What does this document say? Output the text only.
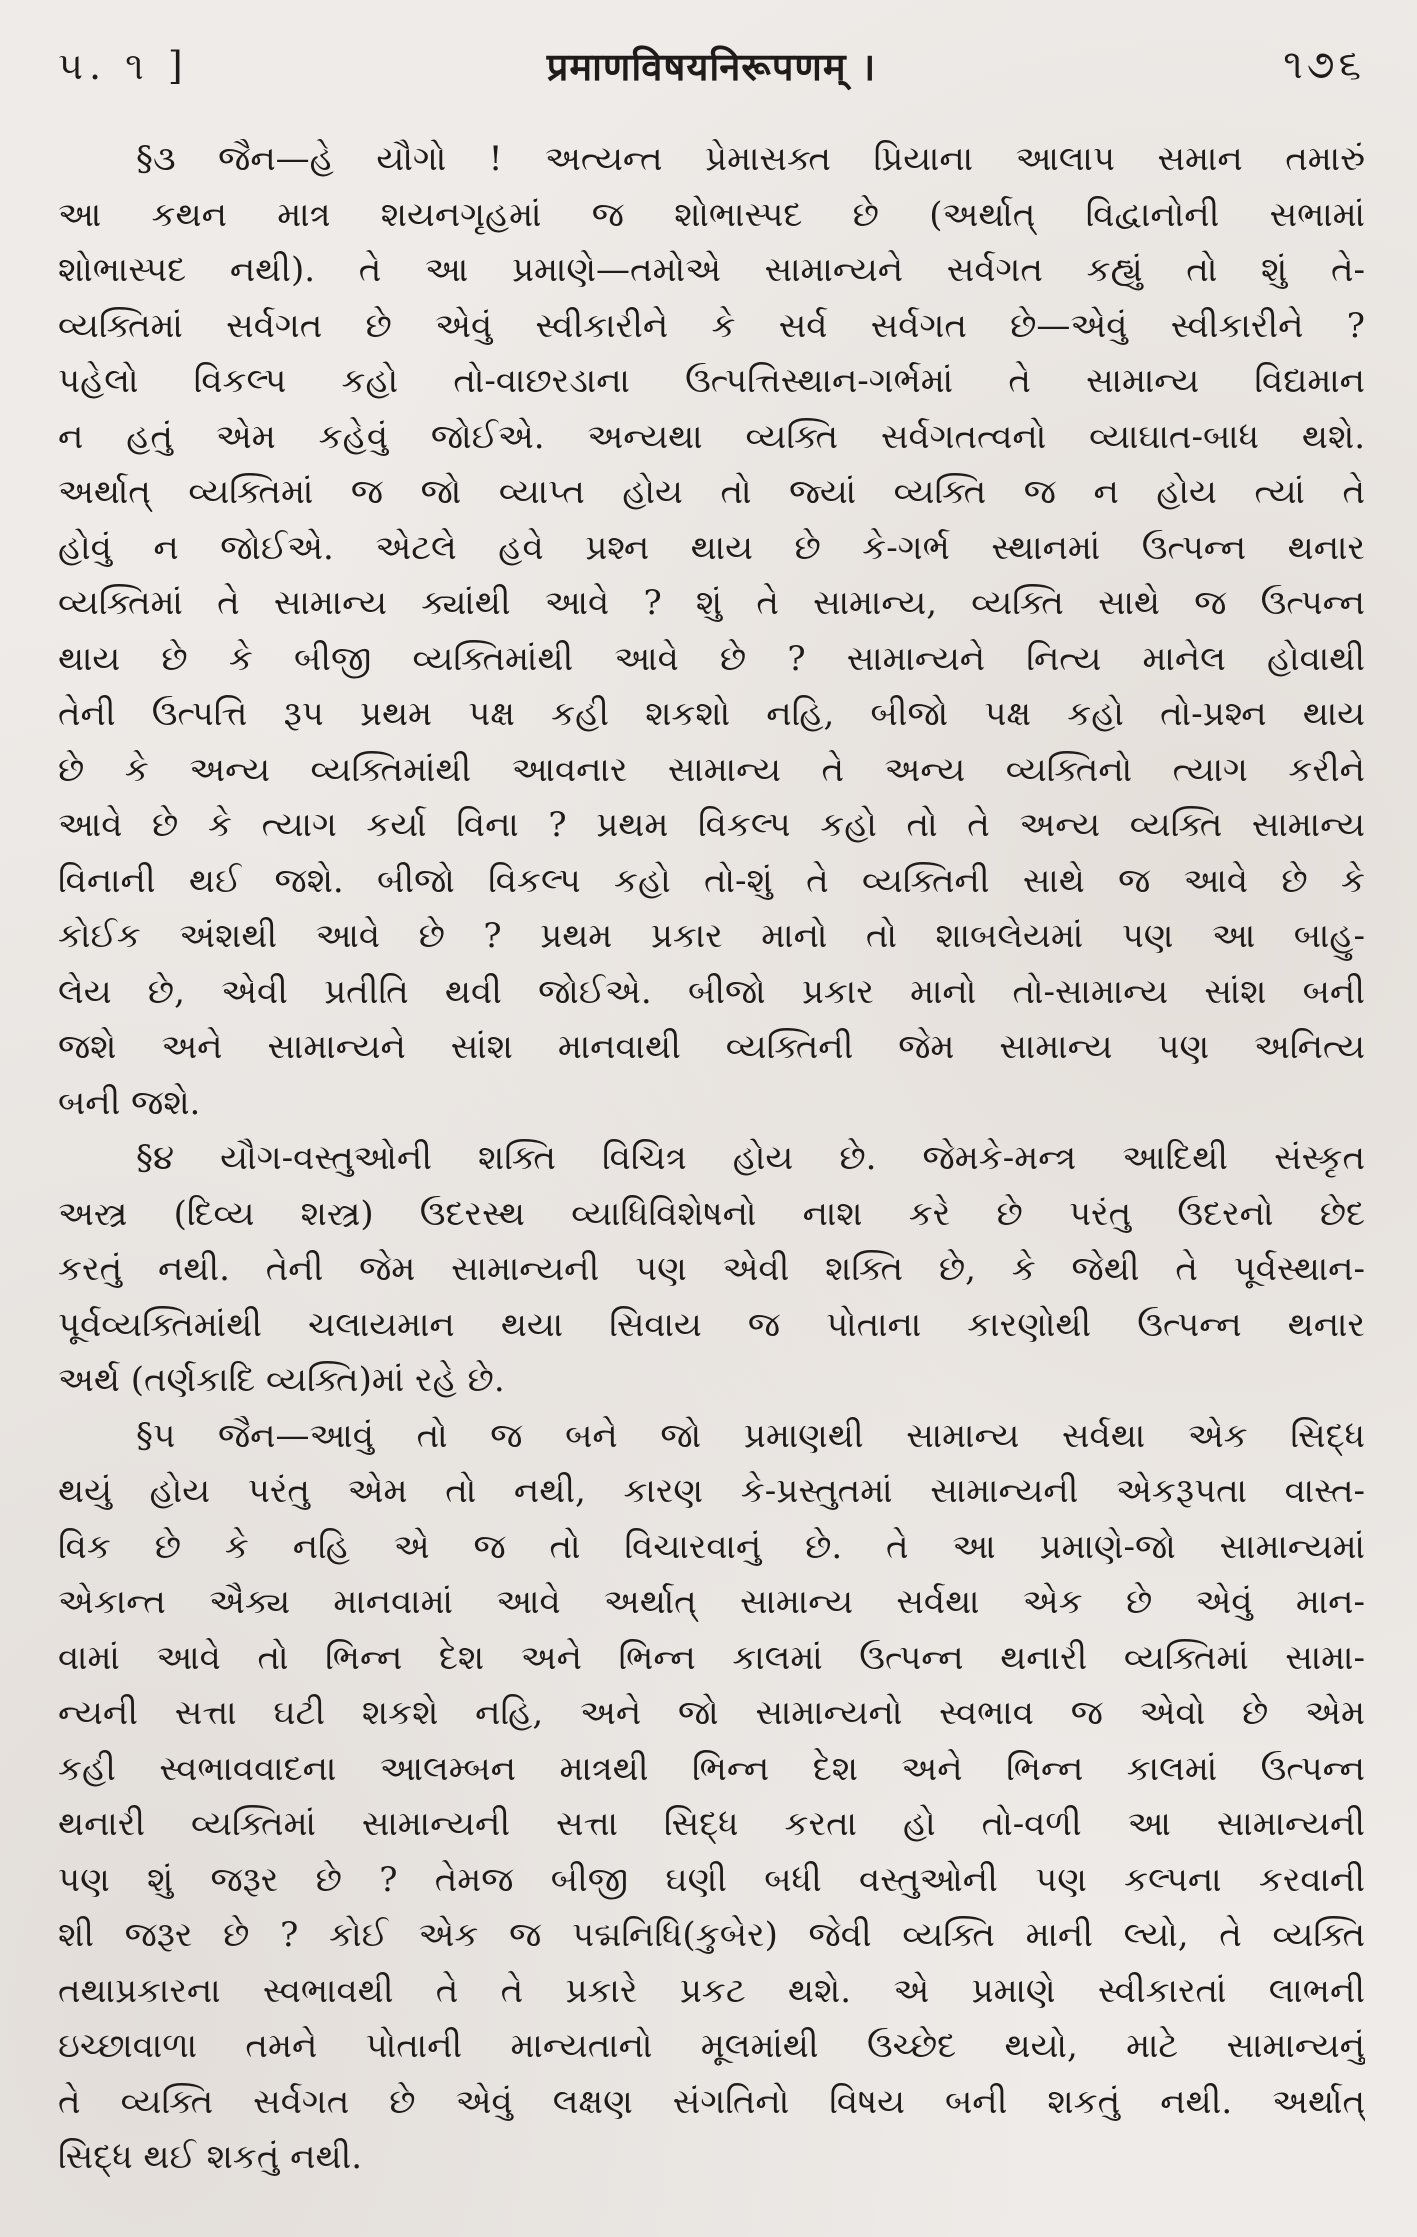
૫. ૧ ]	प्रमाणविषयनिरूपणम् ।	૧૭૬
§૩ જૈન—હે યૌગો ! અત્યન્ત પ્રેમાસક્ત પ્રિયાના આલાપ સમાન તમારું
આ કથન માત્ર શયનગૃહમાં જ શોભાસ્પદ છે (અર્થાત્ વિદ્વાનોની સભામાં
શોભાસ્પદ નથી). તે આ પ્રમાણે—તમોએ સામાન્યને સર્વગત કહ્યું તો શું તે-
વ્યક્તિમાં સર્વગત છે એવું સ્વીકારીને કે સર્વ સર્વગત છે—એવું સ્વીકારીને ?
પહેલો વિકલ્પ કહો તો-વાછરડાના ઉત્પત્તિસ્થાન-ગર્ભમાં તે સામાન્ય વિદ્યમાન
ન હતું એમ કહેવું જોઈએ. અન્યથા વ્યક્તિ સર્વગતત્વનો વ્યાઘાત-બાધ થશે.
અર્થાત્ વ્યક્તિમાં જ જો વ્યાપ્ત હોય તો જ્યાં વ્યક્તિ જ ન હોય ત્યાં તે
હોવું ન જોઈએ. એટલે હવે પ્રશ્ન થાય છે કે-ગર્ભ સ્થાનમાં ઉત્પન્ન થનાર
વ્યક્તિમાં તે સામાન્ય ક્યાંથી આવે ? શું તે સામાન્ય, વ્યક્તિ સાથે જ ઉત્પન્ન
થાય છે કે બીજી વ્યક્તિમાંથી આવે છે ? સામાન્યને નિત્ય માનેલ હોવાથી
તેની ઉત્પત્તિ રૂપ પ્રથમ પક્ષ કહી શકશો નહિ, બીજો પક્ષ કહો તો-પ્રશ્ન થાય
છે કે અન્ય વ્યક્તિમાંથી આવનાર સામાન્ય તે અન્ય વ્યક્તિનો ત્યાગ કરીને
આવે છે કે ત્યાગ કર્યા વિના ? પ્રથમ વિકલ્પ કહો તો તે અન્ય વ્યક્તિ સામાન્ય
વિનાની થઈ જશે. બીજો વિકલ્પ કહો તો-શું તે વ્યક્તિની સાથે જ આવે છે કે
કોઈક અંશથી આવે છે ? પ્રથમ પ્રકાર માનો તો શાબલેયમાં પણ આ બાહુ-
લેય છે, એવી પ્રતીતિ થવી જોઈએ. બીજો પ્રકાર માનો તો-સામાન્ય સાંશ બની
જશે અને સામાન્યને સાંશ માનવાથી વ્યક્તિની જેમ સામાન્ય પણ અનિત્ય
બની જશે.
§૪ યૌગ-વસ્તુઓની શક્તિ વિચિત્ર હોય છે. જેમકે-મન્ત્ર આદિથી સંસ્કૃત
અસ્ત્ર (દિવ્ય શસ્ત્ર) ઉદરસ્થ વ્યાધિવિશેષનો નાશ કરે છે પરંતુ ઉદરનો છેદ
કરતું નથી. તેની જેમ સામાન્યની પણ એવી શક્તિ છે, કે જેથી તે પૂર્વસ્થાન-
પૂર્વવ્યક્તિમાંથી ચલાયમાન થયા સિવાય જ પોતાના કારણોથી ઉત્પન્ન થનાર
અર્થ (તર્ણકાદિ વ્યક્તિ)માં રહે છે.
§૫ જૈન—આવું તો જ બને જો પ્રમાણથી સામાન્ય સર્વથા એક સિદ્ધ
થયું હોય પરંતુ એમ તો નથી, કારણ કે-પ્રસ્તુતમાં સામાન્યની એકરૂપતા વાસ્ત-
વિક છે કે નહિ એ જ તો વિચારવાનું છે. તે આ પ્રમાણે-જો સામાન્યમાં
એકાન્ત ઐક્ય માનવામાં આવે અર્થાત્ સામાન્ય સર્વથા એક છે એવું માન-
વામાં આવે તો ભિન્ન દેશ અને ભિન્ન કાલમાં ઉત્પન્ન થનારી વ્યક્તિમાં સામા-
ન્યની સત્તા ઘટી શકશે નહિ, અને જો સામાન્યનો સ્વભાવ જ એવો છે એમ
કહી સ્વભાવવાદના આલમ્બન માત્રથી ભિન્ન દેશ અને ભિન્ન કાલમાં ઉત્પન્ન
થનારી વ્યક્તિમાં સામાન્યની સત્તા સિદ્ધ કરતા હો તો-વળી આ સામાન્યની
પણ શું જરૂર છે ? તેમજ બીજી ઘણી બધી વસ્તુઓની પણ કલ્પના કરવાની
શી જરૂર છે ? કોઈ એક જ પદ્મનિધિ(કુબેર) જેવી વ્યક્તિ માની લ્યો, તે વ્યક્તિ
તથાપ્રકારના સ્વભાવથી તે તે પ્રકારે પ્રકટ થશે. એ પ્રમાણે સ્વીકારતાં લાભની
ઇચ્છાવાળા તમને પોતાની માન્યતાનો મૂલમાંથી ઉચ્છેદ થયો, માટે સામાન્યનું
તે વ્યક્તિ સર્વગત છે એવું લક્ષણ સંગતિનો વિષય બની શકતું નથી. અર્થાત્
સિદ્ધ થઈ શકતું નથી.
